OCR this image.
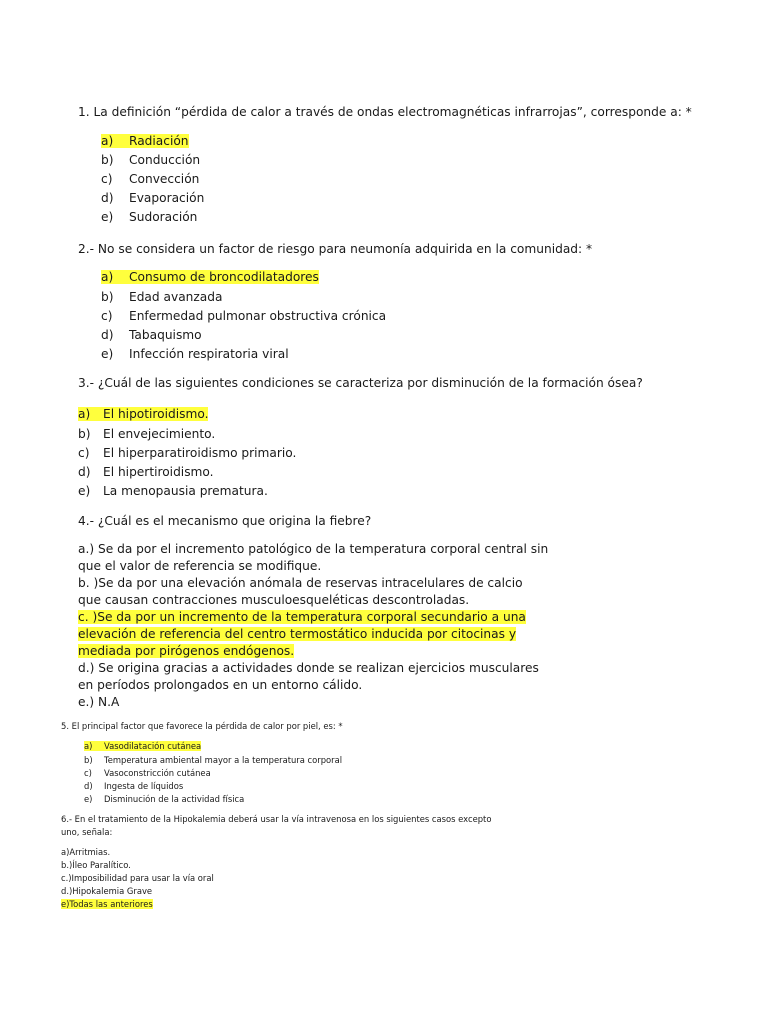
1. La definición “pérdida de calor a través de ondas electromagnéticas infrarrojas”, corresponde a: *
a) Radiación
b) Conducción
c) Convección
d) Evaporación
e) Sudoración
2.- No se considera un factor de riesgo para neumonía adquirida en la comunidad: *
a) Consumo de broncodilatadores
b) Edad avanzada
c) Enfermedad pulmonar obstructiva crónica
d) Tabaquismo
e) Infección respiratoria viral
3.- ¿Cuál de las siguientes condiciones se caracteriza por disminución de la formación ósea?
a) El hipotiroidismo.
b) El envejecimiento.
c) El hiperparatiroidismo primario.
d) El hipertiroidismo.
e) La menopausia prematura.
4.- ¿Cuál es el mecanismo que origina la fiebre?
a.) Se da por el incremento patológico de la temperatura corporal central sin
que el valor de referencia se modifique.
b. )Se da por una elevación anómala de reservas intracelulares de calcio
que causan contracciones musculoesqueléticas descontroladas.
c. )Se da por un incremento de la temperatura corporal secundario a una
elevación de referencia del centro termostático inducida por citocinas y
mediada por pirógenos endógenos.
d.) Se origina gracias a actividades donde se realizan ejercicios musculares
en períodos prolongados en un entorno cálido.
e.) N.A
5. El principal factor que favorece la pérdida de calor por piel, es: *
a) Vasodilatación cutánea
b) Temperatura ambiental mayor a la temperatura corporal
c) Vasoconstricción cutánea
d) Ingesta de líquidos
e) Disminución de la actividad física
6.- En el tratamiento de la Hipokalemia deberá usar la vía intravenosa en los siguientes casos excepto
uno, señala:
a)Arritmias.
b.)Íleo Paralítico.
c.)Imposibilidad para usar la vía oral
d.)Hipokalemia Grave
e)Todas las anteriores
